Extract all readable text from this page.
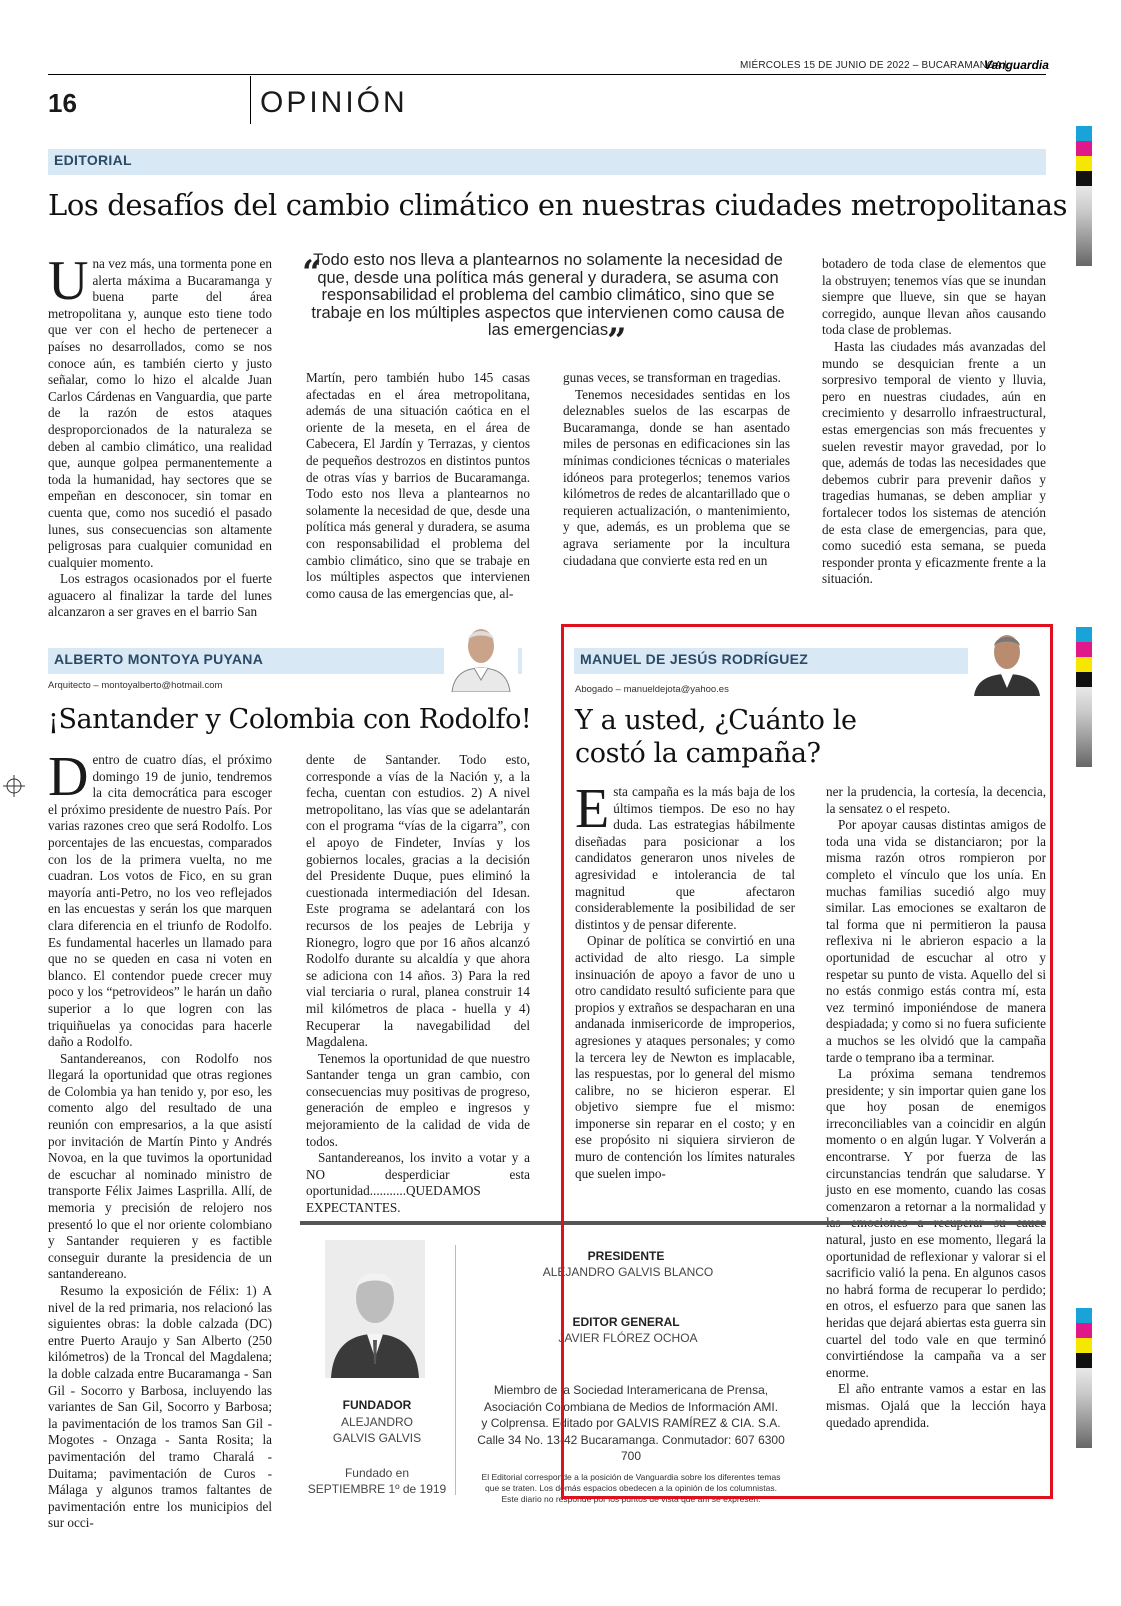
MIÉRCOLES 15 DE JUNIO DE 2022 – BUCARAMANGA |
Vanguardia
16	OPINIÓN
EDITORIAL
Los desafíos del cambio climático en nuestras ciudades metropolitanas

Una vez más, una tormenta pone en alerta máxima a Bucaramanga y buena parte del área metropolitana y, aunque esto tiene todo que ver con el hecho de pertenecer a países no desarrollados, como se nos conoce aún, es también cierto y justo señalar, como lo hizo el alcalde Juan Carlos Cárdenas en Vanguardia, que parte de la razón de estos ataques desproporcionados de la naturaleza se deben al cambio climático, una realidad que, aunque golpea permanentemente a toda la humanidad, hay sectores que se empeñan en desconocer, sin tomar en cuenta que, como nos sucedió el pasado lunes, sus consecuencias son altamente peligrosas para cualquier comunidad en cualquier momento.

Los estragos ocasionados por el fuerte aguacero al finalizar la tarde del lunes alcanzaron a ser graves en el barrio San

“
Todo esto nos lleva a plantearnos no solamente la necesidad de que, desde una política más general y duradera, se asuma con responsabilidad el problema del cambio climático, sino que se trabaje en los múltiples aspectos que intervienen como causa de las emergencias
”

Martín, pero también hubo 145 casas afectadas en el área metropolitana, además de una situación caótica en el oriente de la meseta, en el área de Cabecera, El Jardín y Terrazas, y cientos de pequeños destrozos en distintos puntos de otras vías y barrios de Bucaramanga. Todo esto nos lleva a plantearnos no solamente la necesidad de que, desde una política más general y duradera, se asuma con responsabilidad el problema del cambio climático, sino que se trabaje en los múltiples aspectos que intervienen como causa de las emergencias que, al-

gunas veces, se transforman en tragedias.

Tenemos necesidades sentidas en los deleznables suelos de las escarpas de Bucaramanga, donde se han asentado miles de personas en edificaciones sin las mínimas condiciones técnicas o materiales idóneos para protegerlos; tenemos varios kilómetros de redes de alcantarillado que o requieren actualización, o mantenimiento, y que, además, es un problema que se agrava seriamente por la incultura ciudadana que convierte esta red en un

botadero de toda clase de elementos que la obstruyen; tenemos vías que se inundan siempre que llueve, sin que se hayan corregido, aunque llevan años causando toda clase de problemas.

Hasta las ciudades más avanzadas del mundo se desquician frente a un sorpresivo temporal de viento y lluvia, pero en nuestras ciudades, aún en crecimiento y desarrollo infraestructural, estas emergencias son más frecuentes y suelen revestir mayor gravedad, por lo que, además de todas las necesidades que debemos cubrir para prevenir daños y tragedias humanas, se deben ampliar y fortalecer todos los sistemas de atención de esta clase de emergencias, para que, como sucedió esta semana, se pueda responder pronta y eficazmente frente a la situación.

ALBERTO MONTOYA PUYANA
Arquitecto – montoyalberto@hotmail.com
¡Santander y Colombia con Rodolfo!

Dentro de cuatro días, el próximo domingo 19 de junio, tendremos la cita democrática para escoger el próximo presidente de nuestro País. Por varias razones creo que será Rodolfo. Los porcentajes de las encuestas, comparados con los de la primera vuelta, no me cuadran. Los votos de Fico, en su gran mayoría anti-Petro, no los veo reflejados en las encuestas y serán los que marquen clara diferencia en el triunfo de Rodolfo. Es fundamental hacerles un llamado para que no se queden en casa ni voten en blanco. El contendor puede crecer muy poco y los “petrovideos” le harán un daño superior a lo que logren con las triquiñuelas ya conocidas para hacerle daño a Rodolfo.

Santandereanos, con Rodolfo nos llegará la oportunidad que otras regiones de Colombia ya han tenido y, por eso, les comento algo del resultado de una reunión con empresarios, a la que asistí por invitación de Martín Pinto y Andrés Novoa, en la que tuvimos la oportunidad de escuchar al nominado ministro de transporte Félix Jaimes Lasprilla. Allí, de memoria y precisión de relojero nos presentó lo que el nor oriente colombiano y Santander requieren y es factible conseguir durante la presidencia de un santandereano.

Resumo la exposición de Félix: 1) A nivel de la red primaria, nos relacionó las siguientes obras: la doble calzada (DC) entre Puerto Araujo y San Alberto (250 kilómetros) de la Troncal del Magdalena; la doble calzada entre Bucaramanga - San Gil - Socorro y Barbosa, incluyendo las variantes de San Gil, Socorro y Barbosa; la pavimentación de los tramos San Gil - Mogotes - Onzaga - Santa Rosita; la pavimentación del tramo Charalá - Duitama; pavimentación de Curos - Málaga y algunos tramos faltantes de pavimentación entre los municipios del sur occi-

dente de Santander. Todo esto, corresponde a vías de la Nación y, a la fecha, cuentan con estudios. 2) A nivel metropolitano, las vías que se adelantarán con el programa “vías de la cigarra”, con el apoyo de Findeter, Invías y los gobiernos locales, gracias a la decisión del Presidente Duque, pues eliminó la cuestionada intermediación del Idesan. Este programa se adelantará con los recursos de los peajes de Lebrija y Rionegro, logro que por 16 años alcanzó Rodolfo durante su alcaldía y que ahora se adiciona con 14 años. 3) Para la red vial terciaria o rural, planea construir 14 mil kilómetros de placa - huella y 4) Recuperar la navegabilidad del Magdalena.

Tenemos la oportunidad de que nuestro Santander tenga un gran cambio, con consecuencias muy positivas de progreso, generación de empleo e ingresos y mejoramiento de la calidad de vida de todos.

Santandereanos, los invito a votar y a NO desperdiciar esta oportunidad...........QUEDAMOS EXPECTANTES.

MANUEL DE JESÚS RODRÍGUEZ
Abogado – manueldejota@yahoo.es
Y a usted, ¿Cuánto le costó la campaña?

Esta campaña es la más baja de los últimos tiempos. De eso no hay duda. Las estrategias hábilmente diseñadas para posicionar a los candidatos generaron unos niveles de agresividad e intolerancia de tal magnitud que afectaron considerablemente la posibilidad de ser distintos y de pensar diferente.

Opinar de política se convirtió en una actividad de alto riesgo. La simple insinuación de apoyo a favor de uno u otro candidato resultó suficiente para que propios y extraños se despacharan en una andanada inmisericorde de improperios, agresiones y ataques personales; y como la tercera ley de Newton es implacable, las respuestas, por lo general del mismo calibre, no se hicieron esperar. El objetivo siempre fue el mismo: imponerse sin reparar en el costo; y en ese propósito ni siquiera sirvieron de muro de contención los límites naturales que suelen impo-

ner la prudencia, la cortesía, la decencia, la sensatez o el respeto.

Por apoyar causas distintas amigos de toda una vida se distanciaron; por la misma razón otros rompieron por completo el vínculo que los unía. En muchas familias sucedió algo muy similar. Las emociones se exaltaron de tal forma que ni permitieron la pausa reflexiva ni le abrieron espacio a la oportunidad de escuchar al otro y respetar su punto de vista. Aquello del si no estás conmigo estás contra mí, esta vez terminó imponiéndose de manera despiadada; y como si no fuera suficiente a muchos se les olvidó que la campaña tarde o temprano iba a terminar.

La próxima semana tendremos presidente; y sin importar quien gane los que hoy posan de enemigos irreconciliables van a coincidir en algún momento o en algún lugar. Y Volverán a encontrarse. Y por fuerza de las circunstancias tendrán que saludarse. Y justo en ese momento, cuando las cosas comenzaron a retornar a la normalidad y natural, justo en ese momento, llegará la oportunidad de reflexionar y valorar si el sacrificio valió la pena. En algunos casos no habrá forma de recuperar lo perdido; en otros, el esfuerzo para que sanen las heridas que dejará abiertas esta guerra sin cuartel del todo vale en que terminó convirtiéndose la campaña va a ser enorme.

El año entrante vamos a estar en las mismas. Ojalá que la lección haya quedado aprendida.

FUNDADOR
ALEJANDRO
GALVIS GALVIS
Fundado en
SEPTIEMBRE 1º de 1919
PRESIDENTE
ALEJANDRO GALVIS BLANCO
EDITOR GENERAL
JAVIER FLÓREZ OCHOA
Miembro de la Sociedad Interamericana de Prensa,
Asociación Colombiana de Medios de Información AMI.
y Colprensa. Editado por GALVIS RAMÍREZ & CIA. S.A.
Calle 34 No. 13-42 Bucaramanga. Conmutador: 607 6300 700
El Editorial corresponde a la posición de Vanguardia sobre los diferentes temas
que se traten. Los demás espacios obedecen a la opinión de los columnistas.
Este diario no responde por los puntos de vista que ahí se expresen.
